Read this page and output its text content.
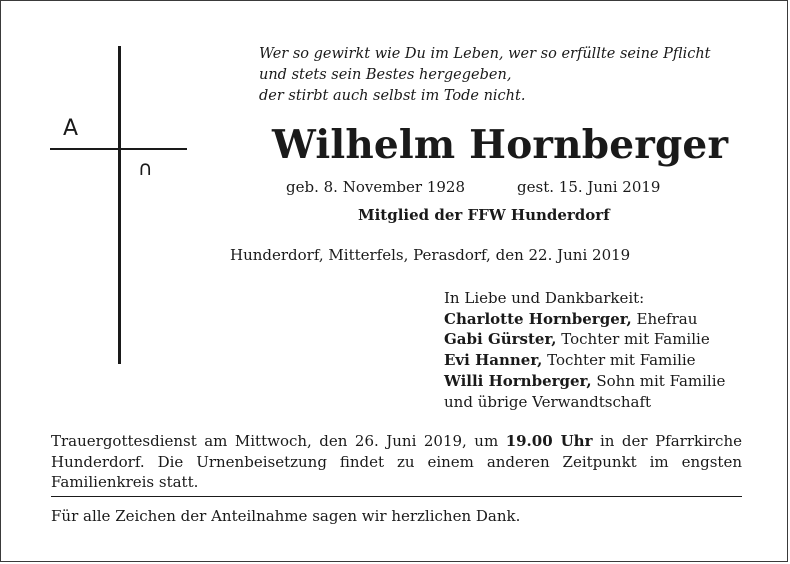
A
∩
Wer so gewirkt wie Du im Leben, wer so erfüllte seine Pflicht
und stets sein Bestes hergegeben,
der stirbt auch selbst im Tode nicht.
Wilhelm Hornberger
geb. 8. November 1928	gest. 15. Juni 2019
Mitglied der FFW Hunderdorf
Hunderdorf, Mitterfels, Perasdorf, den 22. Juni 2019
In Liebe und Dankbarkeit:
Charlotte Hornberger, Ehefrau
Gabi Gürster, Tochter mit Familie
Evi Hanner, Tochter mit Familie
Willi Hornberger, Sohn mit Familie
und übrige Verwandtschaft
Trauergottesdienst am Mittwoch, den 26. Juni 2019, um 19.00 Uhr in der Pfarrkirche Hunderdorf. Die Urnenbeisetzung findet zu einem anderen Zeitpunkt im engsten Familienkreis statt.
Für alle Zeichen der Anteilnahme sagen wir herzlichen Dank.
